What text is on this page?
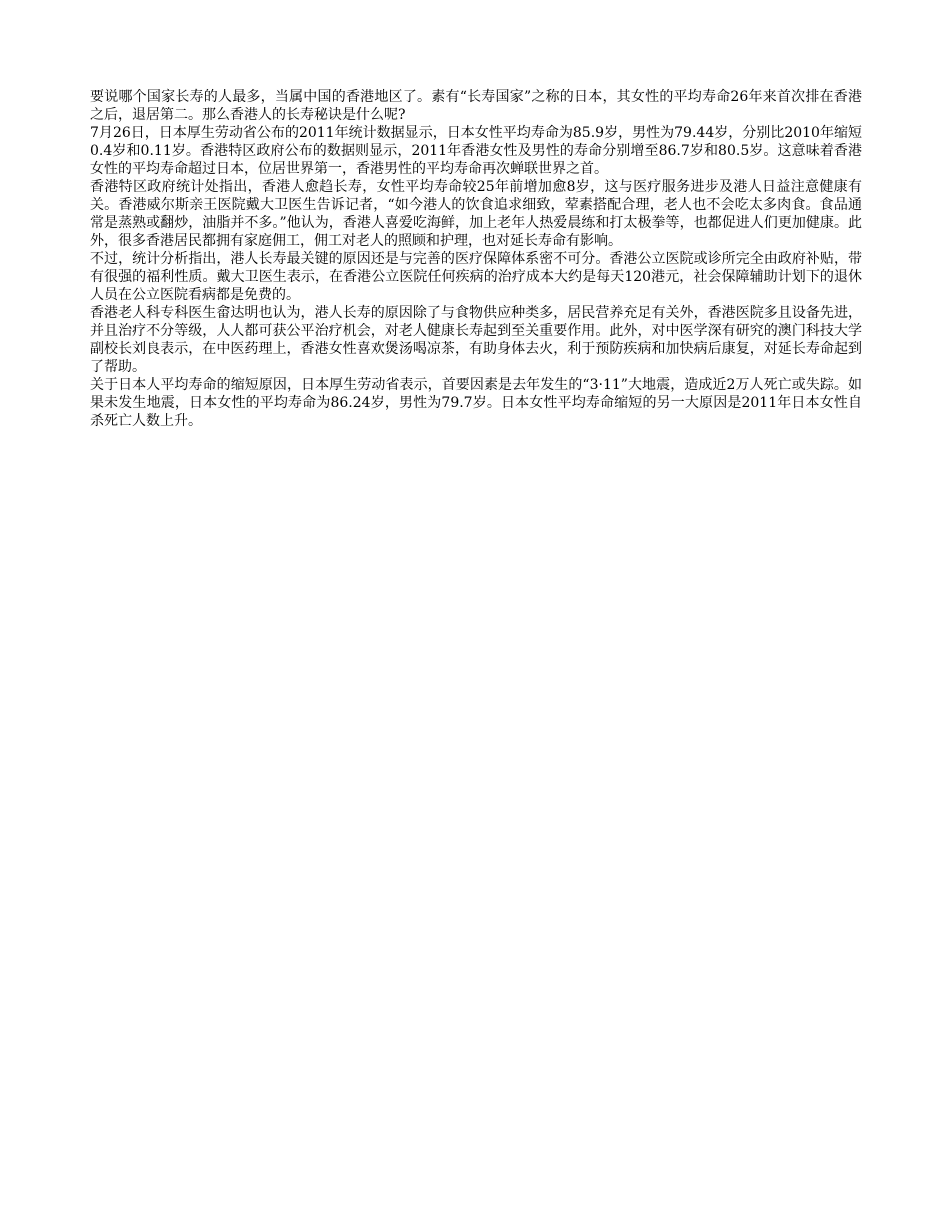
要说哪个国家长寿的人最多，当属中国的香港地区了。素有“长寿国家”之称的日本，其女性的平均寿命26年来首次排在香港之后，退居第二。那么香港人的长寿秘诀是什么呢?

7月26日，日本厚生劳动省公布的2011年统计数据显示，日本女性平均寿命为85.9岁，男性为79.44岁，分别比2010年缩短0.4岁和0.11岁。香港特区政府公布的数据则显示，2011年香港女性及男性的寿命分别增至86.7岁和80.5岁。这意味着香港女性的平均寿命超过日本，位居世界第一，香港男性的平均寿命再次蝉联世界之首。

香港特区政府统计处指出，香港人愈趋长寿，女性平均寿命较25年前增加愈8岁，这与医疗服务进步及港人日益注意健康有关。香港威尔斯亲王医院戴大卫医生告诉记者，“如今港人的饮食追求细致，荤素搭配合理，老人也不会吃太多肉食。食品通常是蒸熟或翻炒，油脂并不多。”他认为，香港人喜爱吃海鲜，加上老年人热爱晨练和打太极拳等，也都促进人们更加健康。此外，很多香港居民都拥有家庭佣工，佣工对老人的照顾和护理，也对延长寿命有影响。

不过，统计分析指出，港人长寿最关键的原因还是与完善的医疗保障体系密不可分。香港公立医院或诊所完全由政府补贴，带有很强的福利性质。戴大卫医生表示，在香港公立医院任何疾病的治疗成本大约是每天120港元，社会保障辅助计划下的退休人员在公立医院看病都是免费的。

香港老人科专科医生畲达明也认为，港人长寿的原因除了与食物供应种类多，居民营养充足有关外，香港医院多且设备先进，并且治疗不分等级，人人都可获公平治疗机会，对老人健康长寿起到至关重要作用。此外，对中医学深有研究的澳门科技大学副校长刘良表示，在中医药理上，香港女性喜欢煲汤喝凉茶，有助身体去火，利于预防疾病和加快病后康复，对延长寿命起到了帮助。

关于日本人平均寿命的缩短原因，日本厚生劳动省表示，首要因素是去年发生的“3·11”大地震，造成近2万人死亡或失踪。如果未发生地震，日本女性的平均寿命为86.24岁，男性为79.7岁。日本女性平均寿命缩短的另一大原因是2011年日本女性自杀死亡人数上升。
